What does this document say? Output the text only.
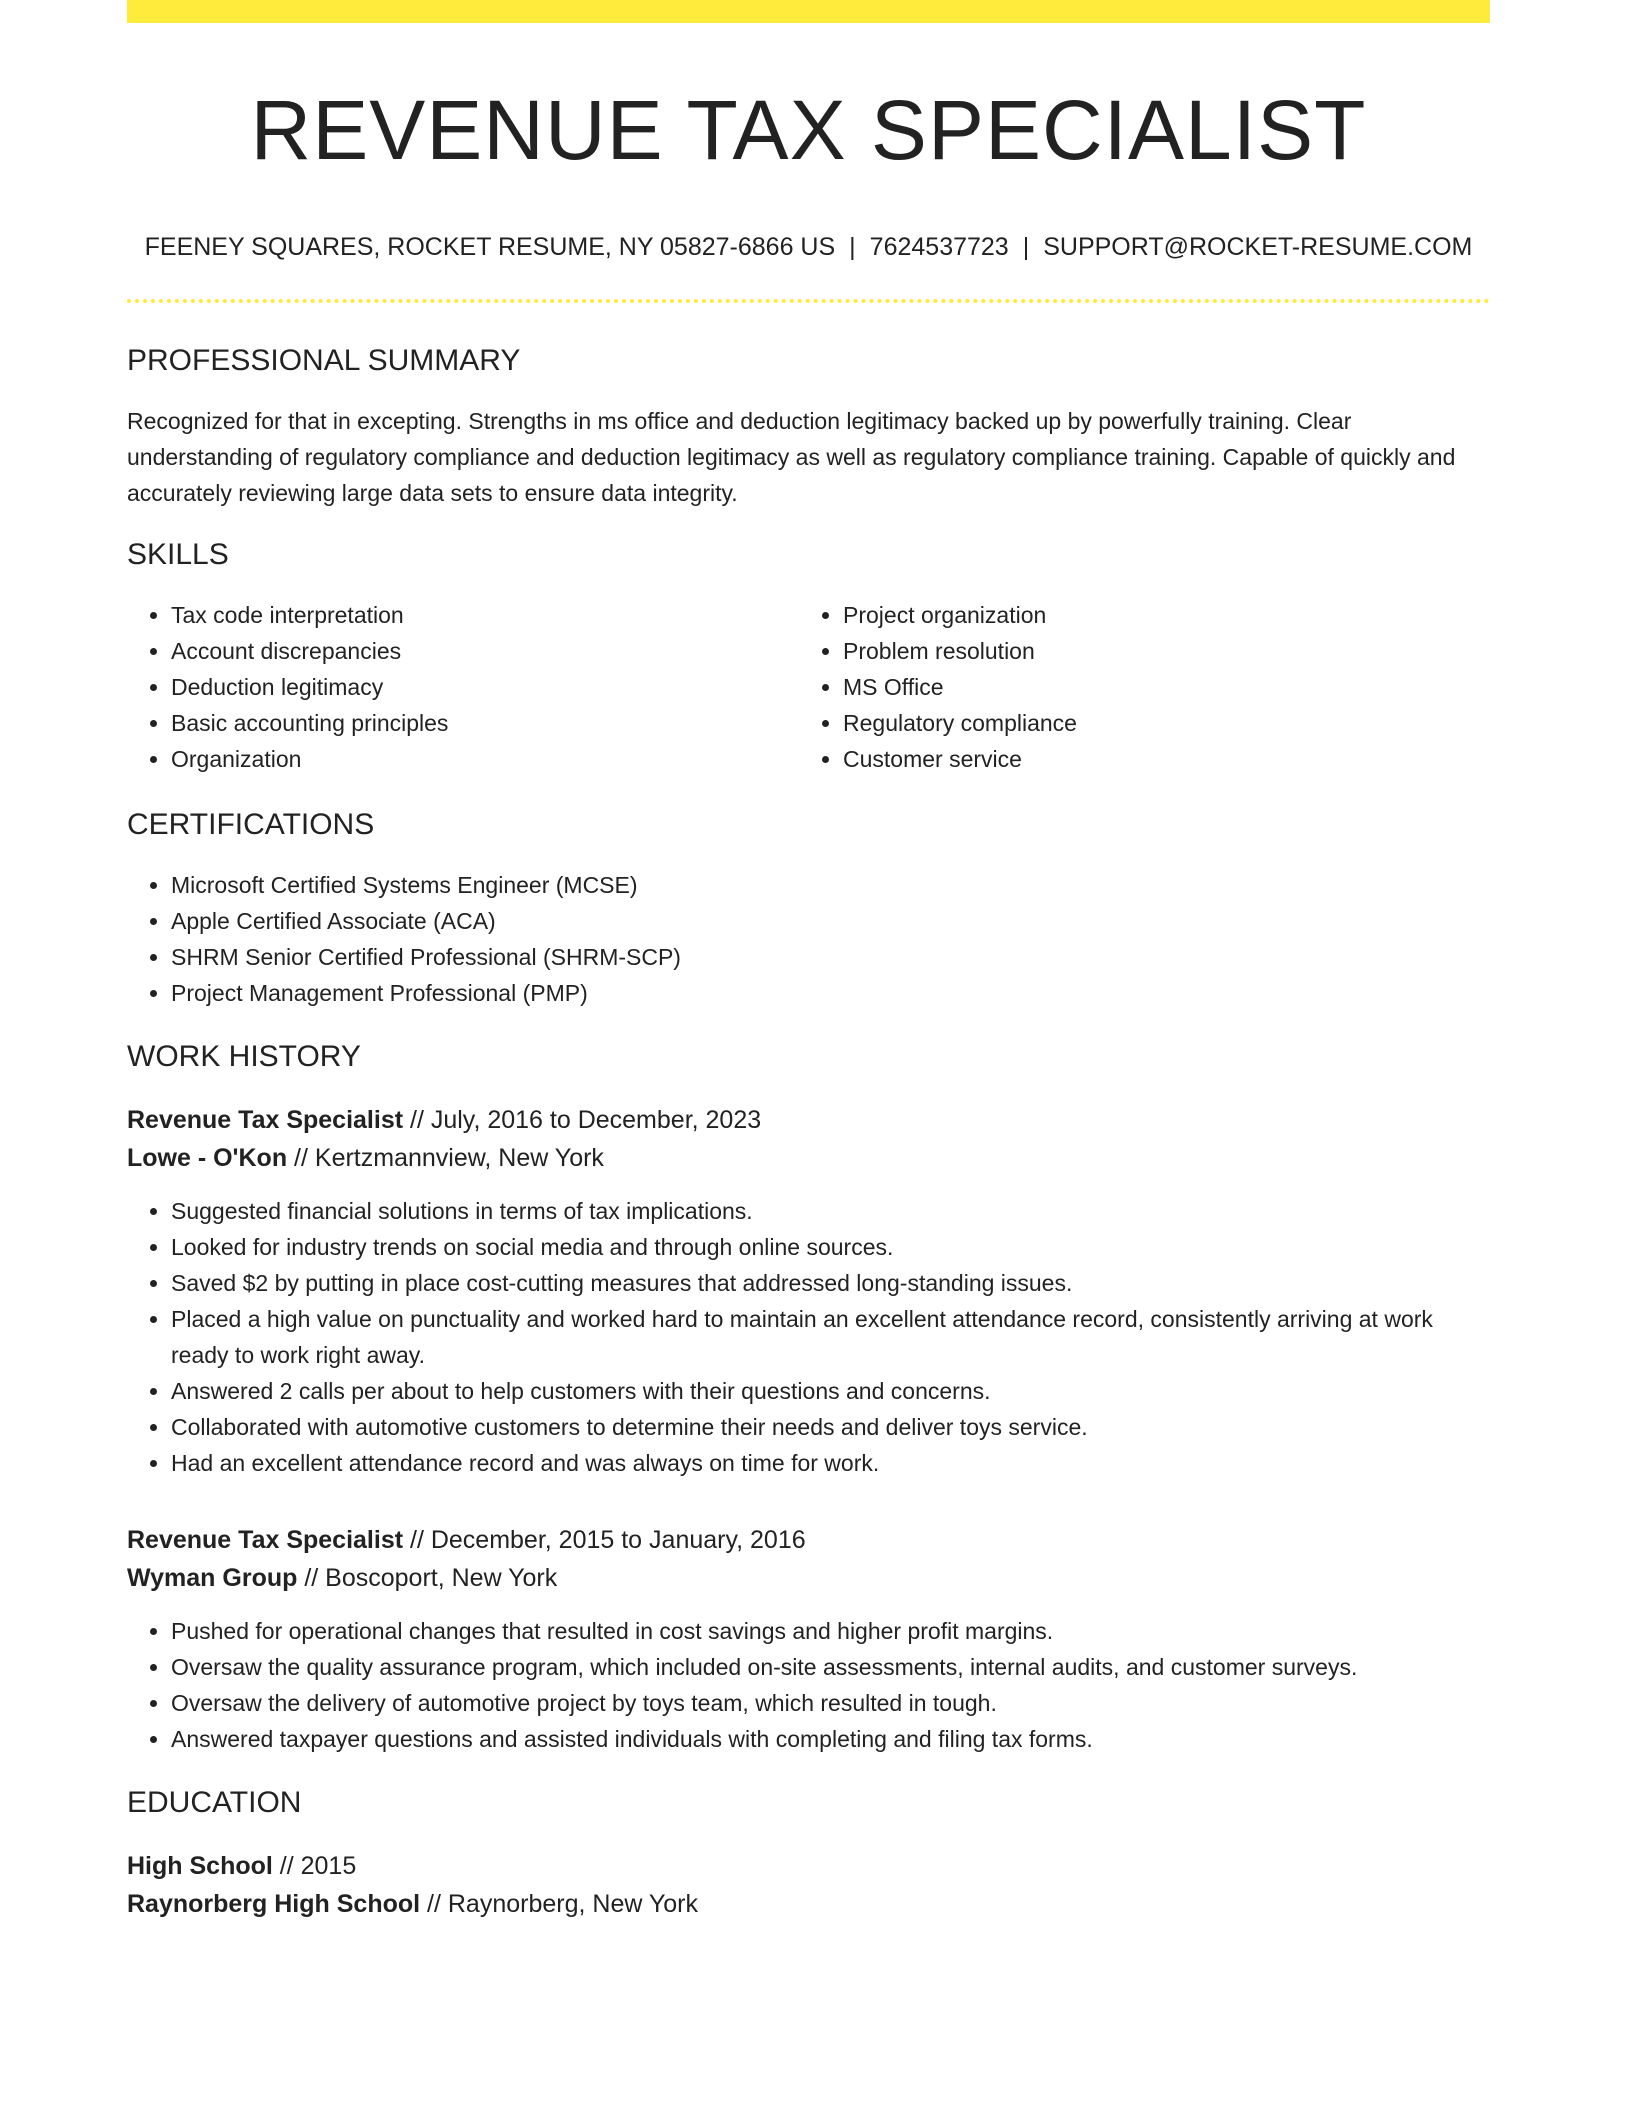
REVENUE TAX SPECIALIST
FEENEY SQUARES, ROCKET RESUME, NY 05827-6866 US | 7624537723 | SUPPORT@ROCKET-RESUME.COM
PROFESSIONAL SUMMARY

Recognized for that in excepting. Strengths in ms office and deduction legitimacy backed up by powerfully training. Clear understanding of regulatory compliance and deduction legitimacy as well as regulatory compliance training. Capable of quickly and accurately reviewing large data sets to ensure data integrity.

SKILLS
• Tax code interpretation
• Account discrepancies
• Deduction legitimacy
• Basic accounting principles
• Organization
• Project organization
• Problem resolution
• MS Office
• Regulatory compliance
• Customer service
CERTIFICATIONS
• Microsoft Certified Systems Engineer (MCSE)
• Apple Certified Associate (ACA)
• SHRM Senior Certified Professional (SHRM-SCP)
• Project Management Professional (PMP)
WORK HISTORY
Revenue Tax Specialist // July, 2016 to December, 2023
Lowe - O'Kon // Kertzmannview, New York
• Suggested financial solutions in terms of tax implications.
• Looked for industry trends on social media and through online sources.
• Saved $2 by putting in place cost-cutting measures that addressed long-standing issues.
• Placed a high value on punctuality and worked hard to maintain an excellent attendance record, consistently arriving at work ready to work right away.
• Answered 2 calls per about to help customers with their questions and concerns.
• Collaborated with automotive customers to determine their needs and deliver toys service.
• Had an excellent attendance record and was always on time for work.
Revenue Tax Specialist // December, 2015 to January, 2016
Wyman Group // Boscoport, New York
• Pushed for operational changes that resulted in cost savings and higher profit margins.
• Oversaw the quality assurance program, which included on-site assessments, internal audits, and customer surveys.
• Oversaw the delivery of automotive project by toys team, which resulted in tough.
• Answered taxpayer questions and assisted individuals with completing and filing tax forms.
EDUCATION
High School // 2015
Raynorberg High School // Raynorberg, New York
